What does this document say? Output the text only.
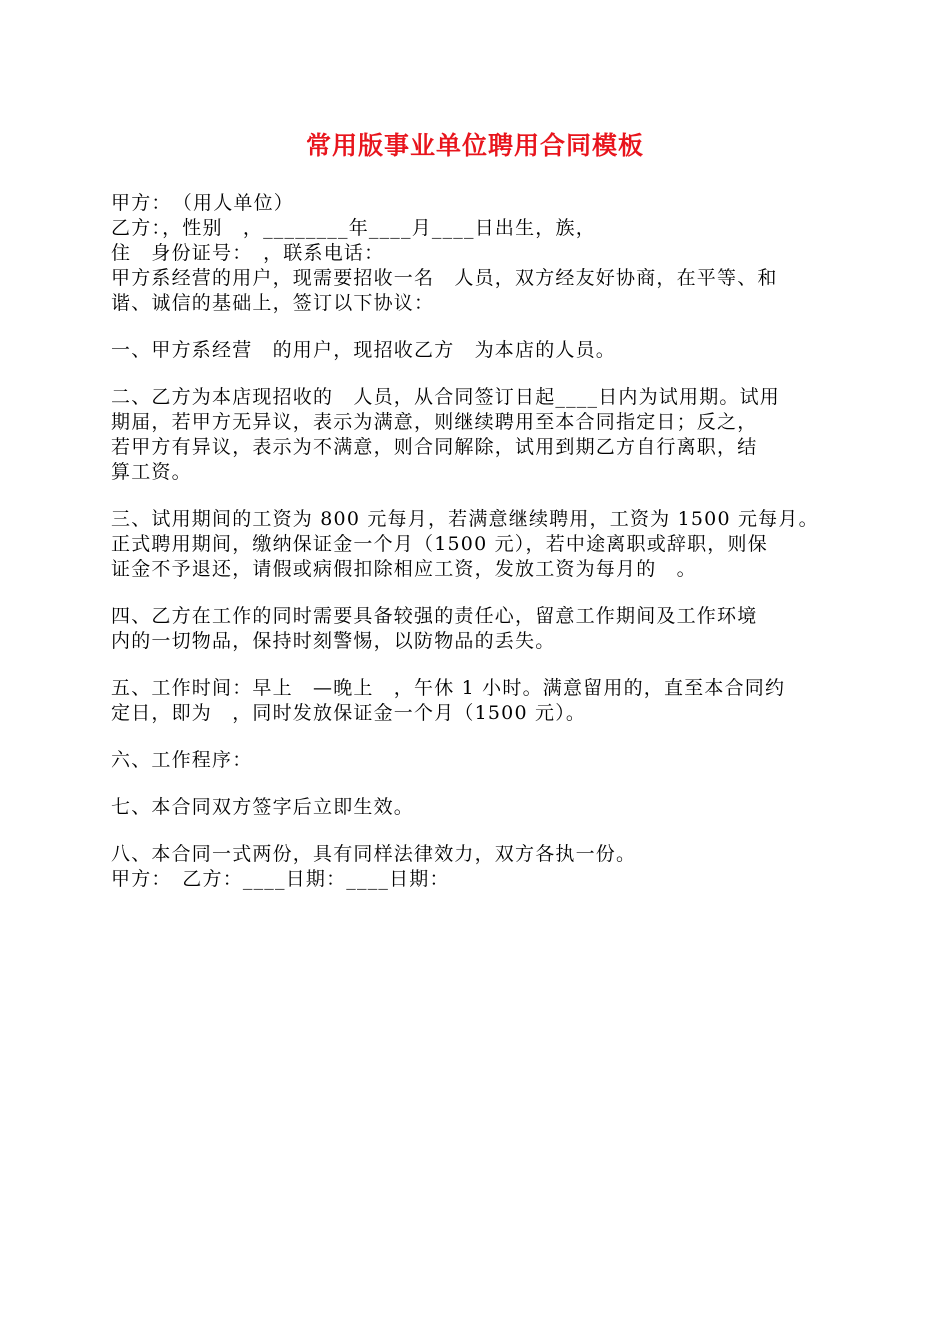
常用版事业单位聘用合同模板

甲方：　（用人单位）

乙方：，性别　，________年____月____日出生，族，

住　身份证号：　，联系电话：

甲方系经营的用户，现需要招收一名　人员，双方经友好协商，在平等、和

谐、诚信的基础上，签订以下协议：

一、甲方系经营　的用户，现招收乙方　为本店的人员。

二、乙方为本店现招收的　人员，从合同签订日起____日内为试用期。试用

期届，若甲方无异议，表示为满意，则继续聘用至本合同指定日；反之，

若甲方有异议，表示为不满意，则合同解除，试用到期乙方自行离职，结

算工资。

三、试用期间的工资为 800 元每月，若满意继续聘用，工资为 1500 元每月。

正式聘用期间，缴纳保证金一个月（1500 元），若中途离职或辞职，则保

证金不予退还，请假或病假扣除相应工资，发放工资为每月的　。

四、乙方在工作的同时需要具备较强的责任心，留意工作期间及工作环境

内的一切物品，保持时刻警惕，以防物品的丢失。

五、工作时间：早上　—晚上　，午休 1 小时。满意留用的，直至本合同约

定日，即为　，同时发放保证金一个月（1500 元）。

六、工作程序：

七、本合同双方签字后立即生效。

八、本合同一式两份，具有同样法律效力，双方各执一份。

甲方：　乙方：____日期：____日期：
